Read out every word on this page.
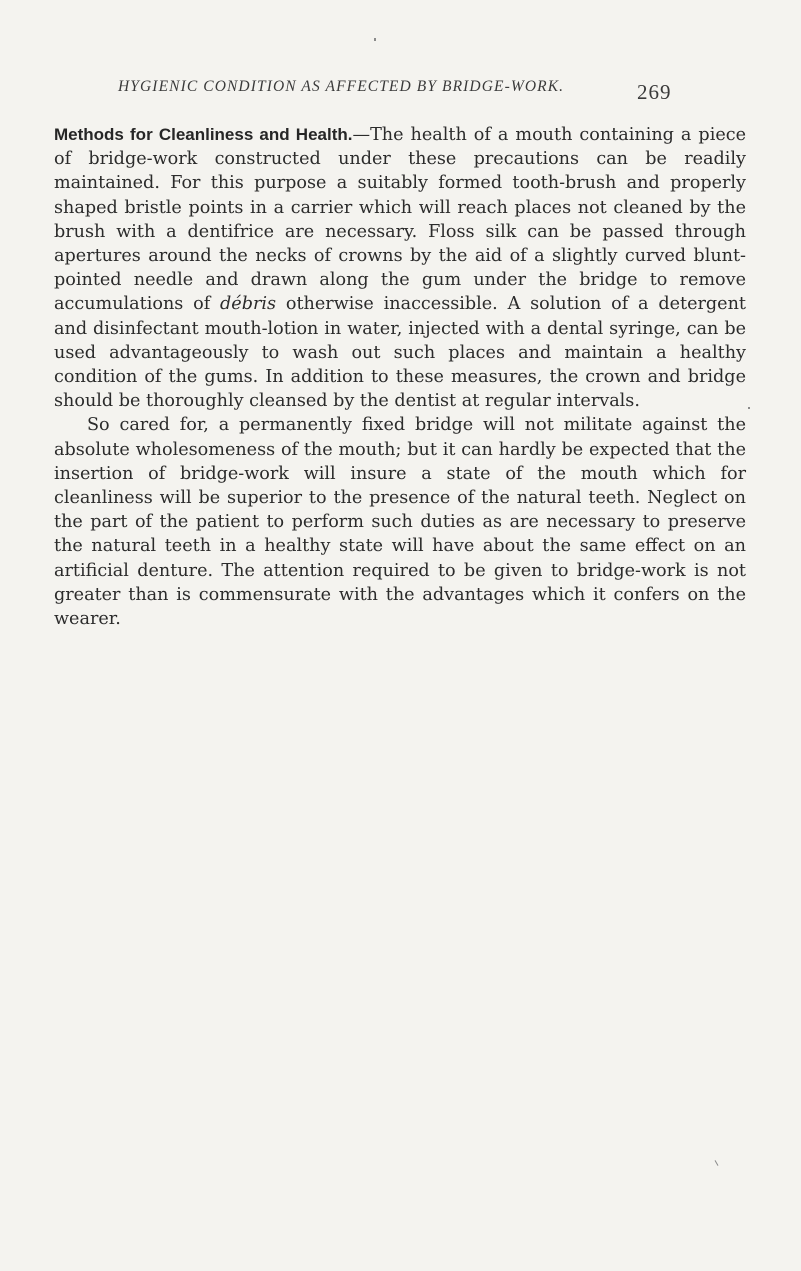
HYGIENIC CONDITION AS AFFECTED BY BRIDGE-WORK.	269

Methods for Cleanliness and Health.—The health of a mouth containing a piece of bridge-work constructed under these precautions can be readily maintained. For this purpose a suitably formed tooth-brush and properly shaped bristle points in a carrier which will reach places not cleaned by the brush with a dentifrice are necessary. Floss silk can be passed through apertures around the necks of crowns by the aid of a slightly curved blunt-pointed needle and drawn along the gum under the bridge to remove accumulations of débris otherwise inaccessible. A solution of a detergent and disinfectant mouth-lotion in water, injected with a dental syringe, can be used advantageously to wash out such places and maintain a healthy condition of the gums. In addition to these measures, the crown and bridge should be thoroughly cleansed by the dentist at regular intervals.

So cared for, a permanently fixed bridge will not militate against the absolute wholesomeness of the mouth; but it can hardly be expected that the insertion of bridge-work will insure a state of the mouth which for cleanliness will be superior to the presence of the natural teeth. Neglect on the part of the patient to perform such duties as are necessary to preserve the natural teeth in a healthy state will have about the same effect on an artificial denture. The attention required to be given to bridge-work is not greater than is commensurate with the advantages which it confers on the wearer.
